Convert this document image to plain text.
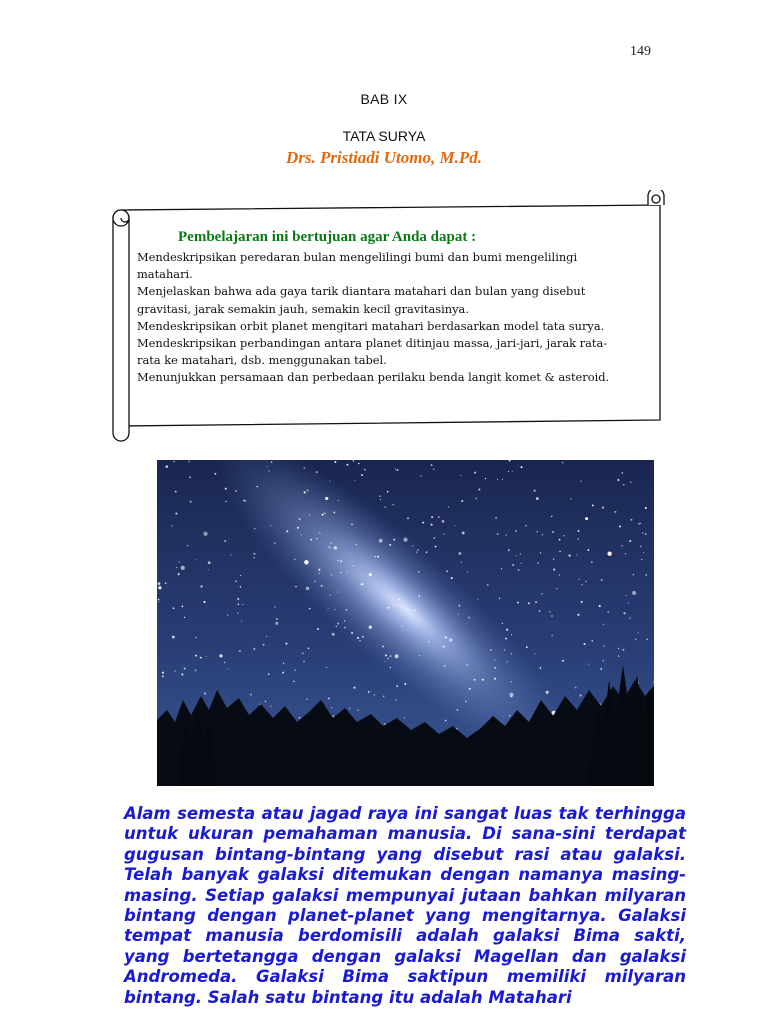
149
BAB IX
TATA SURYA
Drs. Pristiadi Utomo, M.Pd.
Pembelajaran ini bertujuan agar Anda dapat :
Mendeskripsikan peredaran bulan mengelilingi bumi dan bumi mengelilingi
matahari.
Menjelaskan bahwa ada gaya tarik diantara matahari dan bulan yang disebut
gravitasi, jarak semakin jauh, semakin kecil gravitasinya.
Mendeskripsikan orbit planet mengitari matahari berdasarkan model tata surya.
Mendeskripsikan perbandingan antara planet ditinjau massa, jari-jari, jarak rata-
rata ke matahari, dsb. menggunakan tabel.
Menunjukkan persamaan dan perbedaan perilaku benda langit komet & asteroid.
Alam semesta atau jagad raya ini sangat luas tak terhingga untuk ukuran pemahaman manusia. Di sana-sini terdapat gugusan bintang-bintang yang disebut rasi atau galaksi. Telah banyak galaksi ditemukan dengan namanya masing-masing. Setiap galaksi mempunyai jutaan bahkan milyaran bintang dengan planet-planet yang mengitarnya. Galaksi tempat manusia berdomisili adalah galaksi Bima sakti, yang bertetangga dengan galaksi Magellan dan galaksi Andromeda. Galaksi Bima saktipun memiliki milyaran bintang. Salah satu bintang itu adalah Matahari
